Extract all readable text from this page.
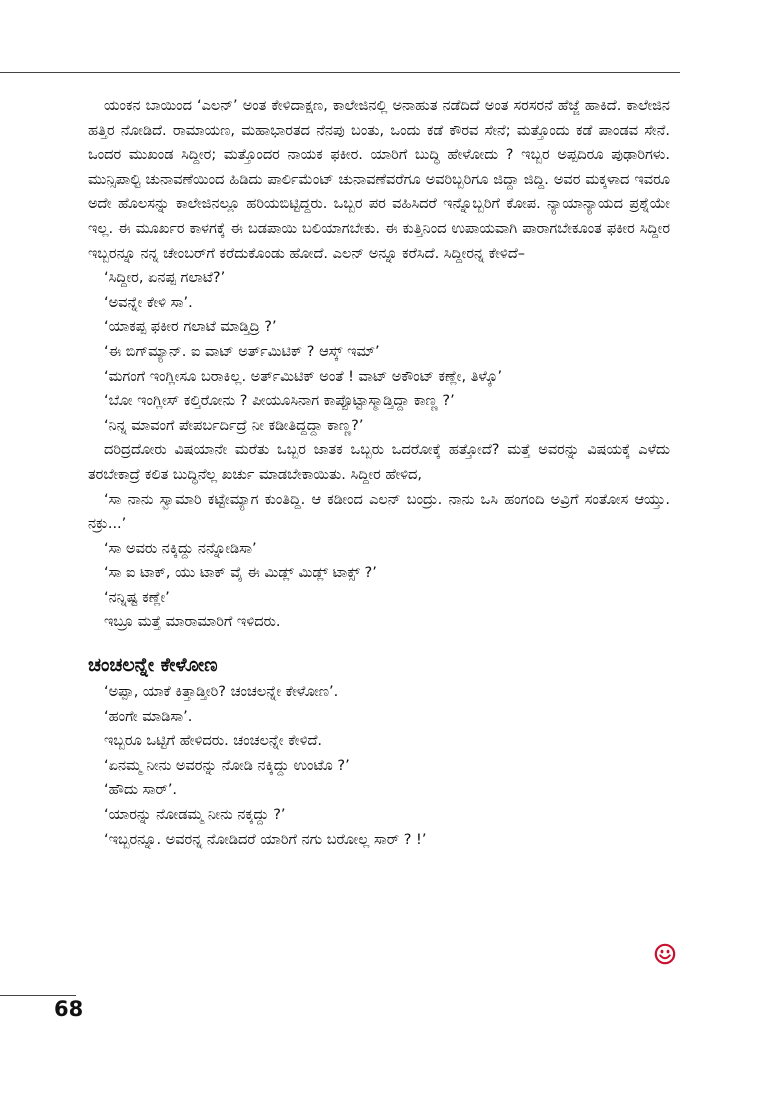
ಯಂಕನ ಬಾಯಿಂದ ‘ಎಲನ್’ ಅಂತ ಕೇಳಿದಾಕ್ಷಣ, ಕಾಲೇಜಿನಲ್ಲಿ ಅನಾಹುತ ನಡೆದಿದೆ ಅಂತ ಸರಸರನೆ ಹೆಜ್ಜೆ ಹಾಕಿದೆ. ಕಾಲೇಜಿನ ಹತ್ತಿರ ನೋಡಿದೆ. ರಾಮಾಯಣ, ಮಹಾಭಾರತದ ನೆನಪು ಬಂತು, ಒಂದು ಕಡೆ ಕೌರವ ಸೇನೆ; ಮತ್ತೊಂದು ಕಡೆ ಪಾಂಡವ ಸೇನೆ. ಒಂದರ ಮುಖಂಡ ಸಿದ್ದೀರ; ಮತ್ತೊಂದರ ನಾಯಕ ಫಕೀರ. ಯಾರಿಗೆ ಬುದ್ಧಿ ಹೇಳೋದು ? ಇಬ್ಬರ ಅಪ್ಪದಿರೂ ಪುಢಾರಿಗಳು. ಮುನ್ಸಿಪಾಲ್ಟಿ ಚುನಾವಣೆಯಿಂದ ಹಿಡಿದು ಪಾರ್ಲಿಮೆಂಟ್ ಚುನಾವಣೆವರೆಗೂ ಅವರಿಬ್ಬರಿಗೂ ಜಿದ್ದಾ ಜಿದ್ದಿ. ಅವರ ಮಕ್ಕಳಾದ ಇವರೂ ಅದೇ ಹೊಲಸನ್ನು ಕಾಲೇಜಿನಲ್ಲೂ ಹರಿಯಬಿಟ್ಟಿದ್ದರು. ಒಬ್ಬರ ಪರ ವಹಿಸಿದರೆ ಇನ್ನೊಬ್ಬರಿಗೆ ಕೋಪ. ನ್ಯಾಯಾನ್ಯಾಯದ ಪ್ರಶ್ನೆಯೇ ಇಲ್ಲ. ಈ ಮೂರ್ಖರ ಕಾಳಗಕ್ಕೆ ಈ ಬಡಪಾಯಿ ಬಲಿಯಾಗಬೇಕು. ಈ ಕುತ್ತಿನಿಂದ ಉಪಾಯವಾಗಿ ಪಾರಾಗಬೇಕೂಂತ ಫಕೀರ ಸಿದ್ದೀರ ಇಬ್ಬರನ್ನೂ ನನ್ನ ಚೇಂಬರ್‌ಗೆ ಕರೆದುಕೊಂಡು ಹೋದೆ. ಎಲನ್ ಅನ್ನೂ ಕರೆಸಿದೆ. ಸಿದ್ದೀರನ್ನ ಕೇಳಿದೆ–

‘ಸಿದ್ದೀರ, ಏನಪ್ಪ ಗಲಾಟೆ?’

‘ಅವನ್ನೇ ಕೇಳಿ ಸಾ’.

‘ಯಾಕಪ್ಪ ಫಕೀರ ಗಲಾಟೆ ಮಾಡ್ತಿದ್ರಿ ?’

‘ಈ ಬಿಗ್‌ಮ್ಯಾನ್. ಐ ವಾಟ್ ಅರ್ತ್‌ಮಿಟಿಕ್ ? ಆಸ್ಕ್ ಇಮ್’

‘ಮಗಂಗೆ ಇಂಗ್ಲೀಸೂ ಬರಾಕಿಲ್ಲ. ಅರ್ತ್‌ಮಿಟಿಕ್ ಅಂತೆ ! ವಾಟ್ ಅಕೌಂಟ್ ಕಣ್ಲೇ, ತಿಳ್ಕೊ’

‘ಬೋ ಇಂಗ್ಲೀಸ್ ಕಲ್ತಿರೋನು ? ಪೀಯೂಸಿನಾಗ ಕಾಪ್ಪೊಟ್ಟಾಸ್ಮಾಡ್ತಿದ್ದಾ ಕಾಣ್ಣ ?’

‘ನಿನ್ನ ಮಾವಂಗೆ ಪೇಪರ್ಬರ್ದಿದ್ರೆ ನೀ ಕಡೀತಿದ್ದದ್ದಾ ಕಾಣ್ಣ?’

ದರಿದ್ರದೋರು ವಿಷಯಾನೇ ಮರೆತು ಒಬ್ಬರ ಜಾತಕ ಒಬ್ಬರು ಒದರೋಕ್ಕೆ ಹತ್ತೋದೆ? ಮತ್ತೆ ಅವರನ್ನು ವಿಷಯಕ್ಕೆ ಎಳೆದು ತರಬೇಕಾದ್ರೆ ಕಲಿತ ಬುದ್ಧಿನೆಲ್ಲ ಖರ್ಚು ಮಾಡಬೇಕಾಯಿತು. ಸಿದ್ದೀರ ಹೇಳಿದ,

‘ಸಾ ನಾನು ಸ್ವಾಮಾರಿ ಕಟ್ಟೇಮ್ಯಾಗ ಕುಂತಿದ್ದಿ. ಆ ಕಡೀಂದ ಎಲನ್ ಬಂದ್ರು. ನಾನು ಒಸಿ ಹಂಗಂದಿ ಅವ್ರಿಗೆ ಸಂತೋಸ ಆಯ್ತು. ನಕ್ರು...’

‘ಸಾ ಅವರು ನಕ್ಕಿದ್ದು ನನ್ನೋಡಿಸಾ’

‘ಸಾ ಐ ಟಾಕ್, ಯು ಟಾಕ್ ವೈ ಈ ಮಿಡ್ಲ್ ಮಿಡ್ಲ್ ಟಾಕ್ಸ್ ?’

‘ನನ್ನಿಷ್ಟ ಕಣ್ಲೇ’

ಇಬ್ರೂ ಮತ್ತೆ ಮಾರಾಮಾರಿಗೆ ಇಳಿದರು.

ಚಂಚಲನ್ನೇ ಕೇಳೋಣ

‘ಅಪ್ಪಾ, ಯಾಕೆ ಕಿತ್ತಾಡ್ತೀರಿ? ಚಂಚಲನ್ನೇ ಕೇಳೋಣ’.

‘ಹಂಗೇ ಮಾಡಿಸಾ’.

ಇಬ್ಬರೂ ಒಟ್ಟಿಗೆ ಹೇಳಿದರು. ಚಂಚಲನ್ನೇ ಕೇಳಿದೆ.

‘ಏನಮ್ಮ ನೀನು ಅವರನ್ನು ನೋಡಿ ನಕ್ಕಿದ್ದು ಉಂಟೊ ?’

‘ಹೌದು ಸಾರ್’.

‘ಯಾರನ್ನು ನೋಡಮ್ಮ ನೀನು ನಕ್ಕದ್ದು ?’

‘ಇಬ್ಬರನ್ನೂ. ಅವರನ್ನ ನೋಡಿದರೆ ಯಾರಿಗೆ ನಗು ಬರೋಲ್ಲ ಸಾರ್ ? !’

68
